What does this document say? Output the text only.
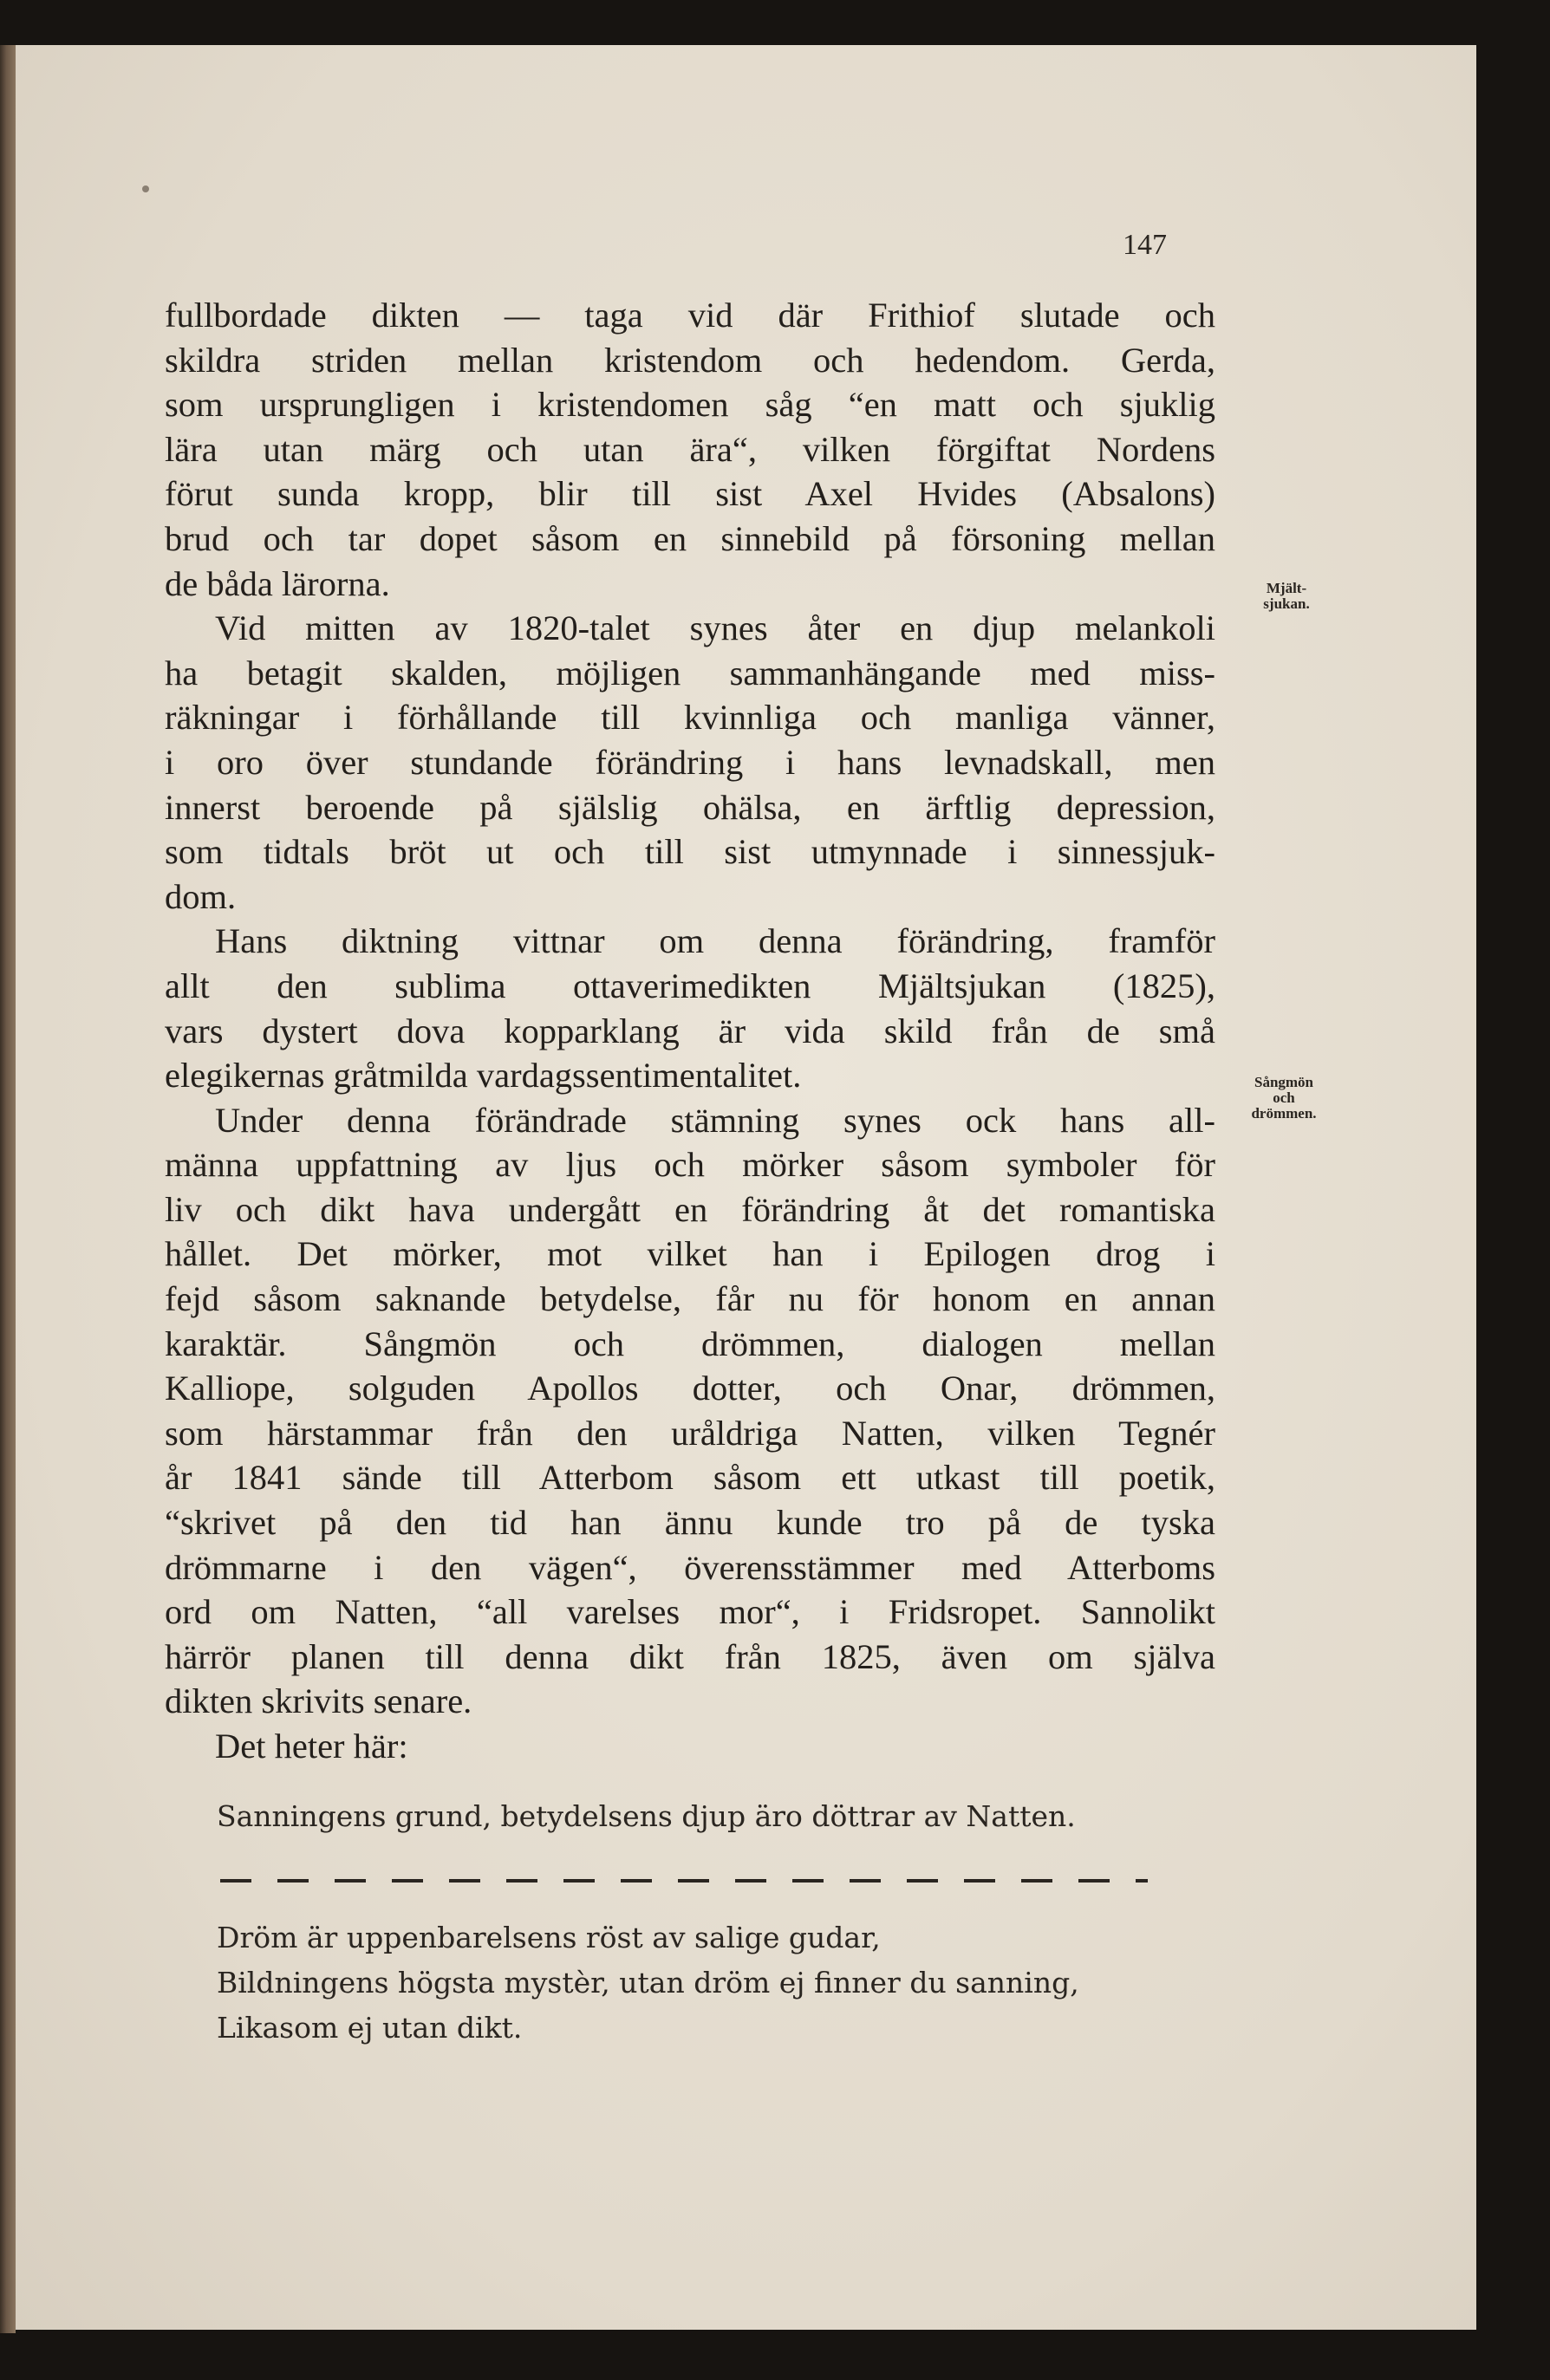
147
fullbordade dikten — taga vid där Frithiof slutade och
skildra striden mellan kristendom och hedendom. Gerda,
som ursprungligen i kristendomen såg “en matt och sjuklig
lära utan märg och utan ära“, vilken förgiftat Nordens
förut sunda kropp, blir till sist Axel Hvides (Absalons)
brud och tar dopet såsom en sinnebild på försoning mellan
de båda lärorna.
Vid mitten av 1820-talet synes åter en djup melankoli
ha betagit skalden, möjligen sammanhängande med miss-
räkningar i förhållande till kvinnliga och manliga vänner,
i oro över stundande förändring i hans levnadskall, men
innerst beroende på själslig ohälsa, en ärftlig depression,
som tidtals bröt ut och till sist utmynnade i sinnessjuk-
dom.
Hans diktning vittnar om denna förändring, framför
allt den sublima ottaverimedikten Mjältsjukan (1825),
vars dystert dova kopparklang är vida skild från de små
elegikernas gråtmilda vardagssentimentalitet.
Under denna förändrade stämning synes ock hans all-
männa uppfattning av ljus och mörker såsom symboler för
liv och dikt hava undergått en förändring åt det romantiska
hållet. Det mörker, mot vilket han i Epilogen drog i
fejd såsom saknande betydelse, får nu för honom en annan
karaktär. Sångmön och drömmen, dialogen mellan
Kalliope, solguden Apollos dotter, och Onar, drömmen,
som härstammar från den uråldriga Natten, vilken Tegnér
år 1841 sände till Atterbom såsom ett utkast till poetik,
“skrivet på den tid han ännu kunde tro på de tyska
drömmarne i den vägen“, överensstämmer med Atterboms
ord om Natten, “all varelses mor“, i Fridsropet. Sannolikt
härrör planen till denna dikt från 1825, även om själva
dikten skrivits senare.
Det heter här:
Sanningens grund, betydelsens djup äro döttrar av Natten.
Dröm är uppenbarelsens röst av salige gudar,
Bildningens högsta mystèr, utan dröm ej finner du sanning,
Likasom ej utan dikt.
Mjält-
sjukan.
Sångmön
och
drömmen.
